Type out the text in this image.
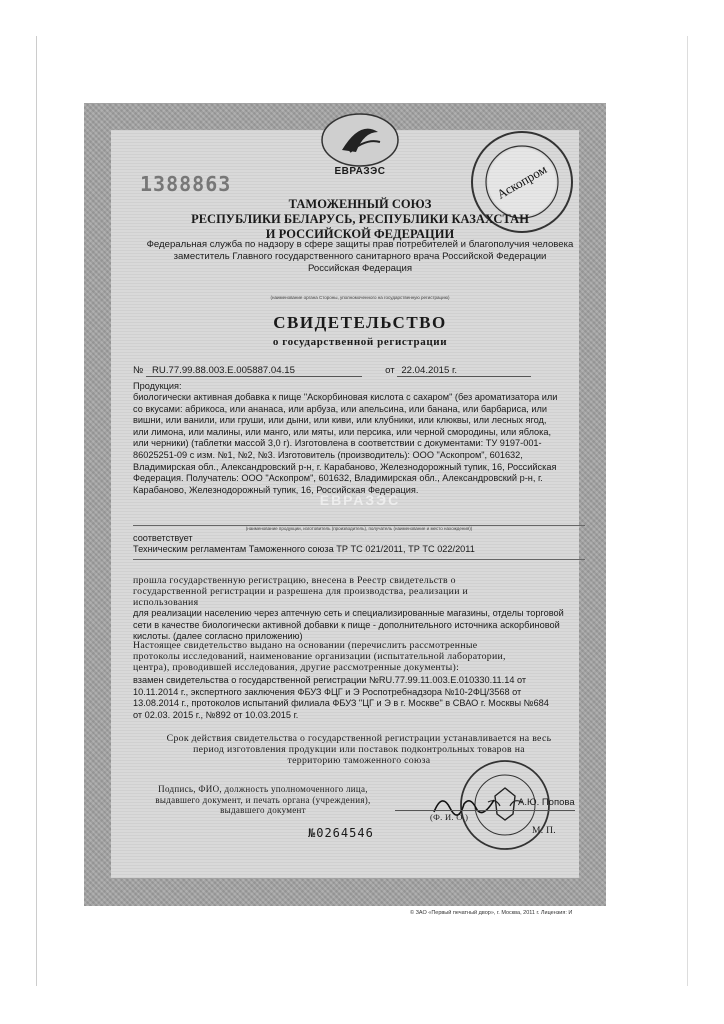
ЕВРАЗЭС
1388863	Аскопром
ТАМОЖЕННЫЙ СОЮЗ
РЕСПУБЛИКИ БЕЛАРУСЬ, РЕСПУБЛИКИ КАЗАХСТАН
И РОССИЙСКОЙ ФЕДЕРАЦИИ
Федеральная служба по надзору в сфере защиты прав потребителей и благополучия человека
заместитель Главного государственного санитарного врача Российской Федерации
Российская Федерация
(наименование органа Стороны, уполномоченного на государственную регистрацию)
СВИДЕТЕЛЬСТВО
о государственной регистрации
№ RU.77.99.88.003.Е.005887.04.15	от 22.04.2015 г.
Продукция:
биологически активная добавка к пище "Аскорбиновая кислота с сахаром" (без ароматизатора или
со вкусами: абрикоса, или ананаса, или арбуза, или апельсина, или банана, или барбариса, или
вишни, или ванили, или груши, или дыни, или киви, или клубники, или клюквы, или лесных ягод,
или лимона, или малины, или манго, или мяты, или персика, или черной смородины, или яблока,
или черники) (таблетки массой 3,0 г). Изготовлена в соответствии с документами: ТУ 9197-001-
86025251-09 с изм. №1, №2, №3. Изготовитель (производитель): ООО "Аскопром", 601632,
Владимирская обл., Александровский р-н, г. Карабаново, Железнодорожный тупик, 16, Российская
Федерация. Получатель: ООО "Аскопром", 601632, Владимирская обл., Александровский р-н, г.
Карабаново, Железнодорожный тупик, 16, Российская Федерация.
ЕВРАЗЭС
(наименование продукции, изготовитель (производитель), получатель (наименование и место нахождения))
соответствует
Техническим регламентам Таможенного союза ТР ТС 021/2011, ТР ТС 022/2011
прошла государственную регистрацию, внесена в Реестр свидетельств о
государственной регистрации и разрешена для производства, реализации и
использования
для реализации населению через аптечную сеть и специализированные магазины, отделы торговой
сети в качестве биологически активной добавки к пище - дополнительного источника аскорбиновой
кислоты. (далее согласно приложению)
Настоящее свидетельство выдано на основании (перечислить рассмотренные
протоколы исследований, наименование организации (испытательной лаборатории,
центра), проводившей исследования, другие рассмотренные документы):
взамен свидетельства о государственной регистрации №RU.77.99.11.003.Е.010330.11.14 от
10.11.2014 г., экспертного заключения ФБУЗ ФЦГ и Э Роспотребнадзора №10-2ФЦ/3568 от
13.08.2014 г., протоколов испытаний филиала ФБУЗ "ЦГ и Э в г. Москве" в СВАО г. Москвы №684
от 02.03. 2015 г., №892 от 10.03.2015 г.
Срок действия свидетельства о государственной регистрации устанавливается на весь
период изготовления продукции или поставок подконтрольных товаров на
территорию таможенного союза
Подпись, ФИО, должность уполномоченного лица,
выдавшего документ, и печать органа (учреждения),
выдавшего документ
А.Ю. Попова
(Ф. И. О.)
М. П.
№0264546
© ЗАО «Первый печатный двор», г. Москва, 2011 г. Лицензия: И
